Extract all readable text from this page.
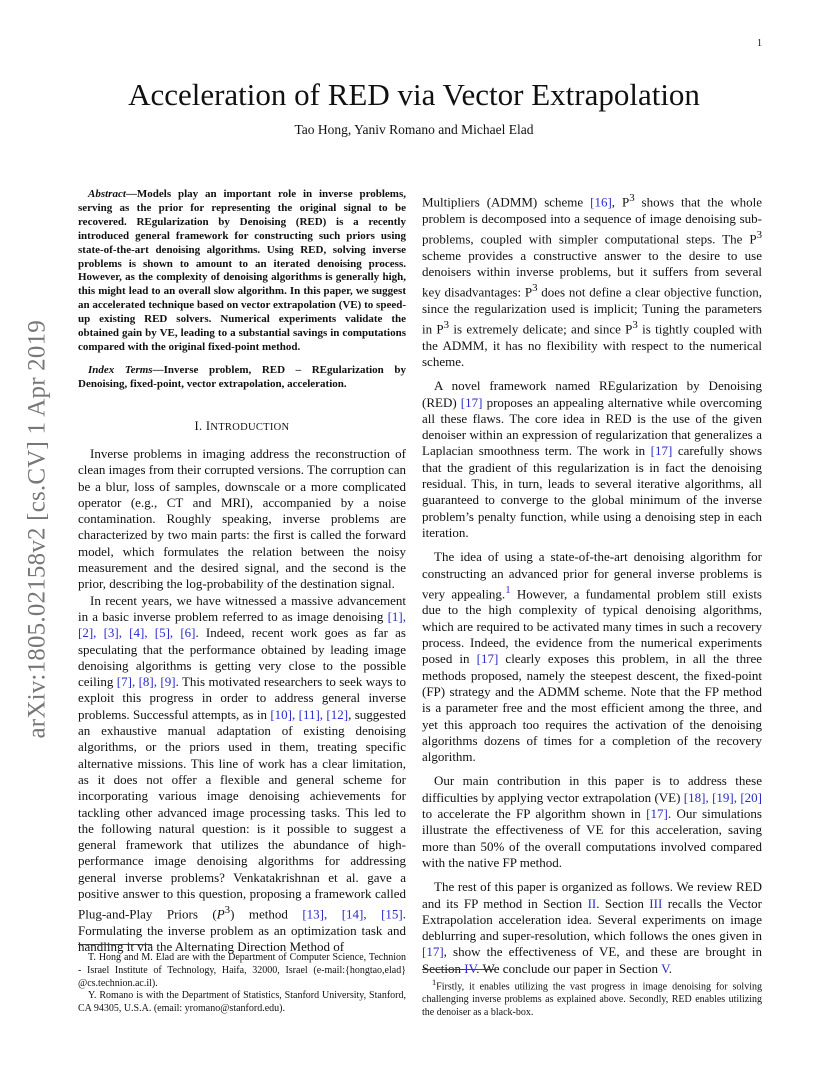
1
arXiv:1805.02158v2 [cs.CV] 1 Apr 2019
Acceleration of RED via Vector Extrapolation
Tao Hong, Yaniv Romano and Michael Elad
Abstract—Models play an important role in inverse problems, serving as the prior for representing the original signal to be recovered. REgularization by Denoising (RED) is a recently introduced general framework for constructing such priors using state-of-the-art denoising algorithms. Using RED, solving inverse problems is shown to amount to an iterated denoising process. However, as the complexity of denoising algorithms is generally high, this might lead to an overall slow algorithm. In this paper, we suggest an accelerated technique based on vector extrapolation (VE) to speed-up existing RED solvers. Numerical experiments validate the obtained gain by VE, leading to a substantial savings in computations compared with the original fixed-point method.
Index Terms—Inverse problem, RED – REgularization by Denoising, fixed-point, vector extrapolation, acceleration.
I. INTRODUCTION

Inverse problems in imaging address the reconstruction of clean images from their corrupted versions. The corruption can be a blur, loss of samples, downscale or a more complicated operator (e.g., CT and MRI), accompanied by a noise contamination. Roughly speaking, inverse problems are characterized by two main parts: the first is called the forward model, which formulates the relation between the noisy measurement and the desired signal, and the second is the prior, describing the log-probability of the destination signal.

In recent years, we have witnessed a massive advancement in a basic inverse problem referred to as image denoising [1], [2], [3], [4], [5], [6]. Indeed, recent work goes as far as speculating that the performance obtained by leading image denoising algorithms is getting very close to the possible ceiling [7], [8], [9]. This motivated researchers to seek ways to exploit this progress in order to address general inverse problems. Successful attempts, as in [10], [11], [12], suggested an exhaustive manual adaptation of existing denoising algorithms, or the priors used in them, treating specific alternative missions. This line of work has a clear limitation, as it does not offer a flexible and general scheme for incorporating various image denoising achievements for tackling other advanced image processing tasks. This led to the following natural question: is it possible to suggest a general framework that utilizes the abundance of high-performance image denoising algorithms for addressing general inverse problems? Venkatakrishnan et al. gave a positive answer to this question, proposing a framework called Plug-and-Play Priors $(P^3)$ method [13], [14], [15]. Formulating the inverse problem as an optimization task and handling it via the Alternating Direction Method of

Multipliers (ADMM) scheme [16], $P^3$ shows that the whole problem is decomposed into a sequence of image denoising sub-problems, coupled with simpler computational steps. The $P^3$ scheme provides a constructive answer to the desire to use denoisers within inverse problems, but it suffers from several key disadvantages: $P^3$ does not define a clear objective function, since the regularization used is implicit; Tuning the parameters in $P^3$ is extremely delicate; and since $P^3$ is tightly coupled with the ADMM, it has no flexibility with respect to the numerical scheme.

A novel framework named REgularization by Denoising (RED) [17] proposes an appealing alternative while overcoming all these flaws. The core idea in RED is the use of the given denoiser within an expression of regularization that generalizes a Laplacian smoothness term. The work in [17] carefully shows that the gradient of this regularization is in fact the denoising residual. This, in turn, leads to several iterative algorithms, all guaranteed to converge to the global minimum of the inverse problem’s penalty function, while using a denoising step in each iteration.

The idea of using a state-of-the-art denoising algorithm for constructing an advanced prior for general inverse problems is very appealing.$^1$ However, a fundamental problem still exists due to the high complexity of typical denoising algorithms, which are required to be activated many times in such a recovery process. Indeed, the evidence from the numerical experiments posed in [17] clearly exposes this problem, in all the three methods proposed, namely the steepest descent, the fixed-point (FP) strategy and the ADMM scheme. Note that the FP method is a parameter free and the most efficient among the three, and yet this approach too requires the activation of the denoising algorithms dozens of times for a completion of the recovery algorithm.

Our main contribution in this paper is to address these difficulties by applying vector extrapolation (VE) [18], [19], [20] to accelerate the FP algorithm shown in [17]. Our simulations illustrate the effectiveness of VE for this acceleration, saving more than 50% of the overall computations involved compared with the native FP method.

The rest of this paper is organized as follows. We review RED and its FP method in Section II. Section III recalls the Vector Extrapolation acceleration idea. Several experiments on image deblurring and super-resolution, which follows the ones given in [17], show the effectiveness of VE, and these are brought in Section IV. We conclude our paper in Section V.

T. Hong and M. Elad are with the Department of Computer Science, Technion - Israel Institute of Technology, Haifa, 32000, Israel (e-mail:{hongtao,elad} @cs.technion.ac.il).

Y. Romano is with the Department of Statistics, Stanford University, Stanford, CA 94305, U.S.A. (email: yromano@stanford.edu).

$^1$Firstly, it enables utilizing the vast progress in image denoising for solving challenging inverse problems as explained above. Secondly, RED enables utilizing the denoiser as a black-box.
